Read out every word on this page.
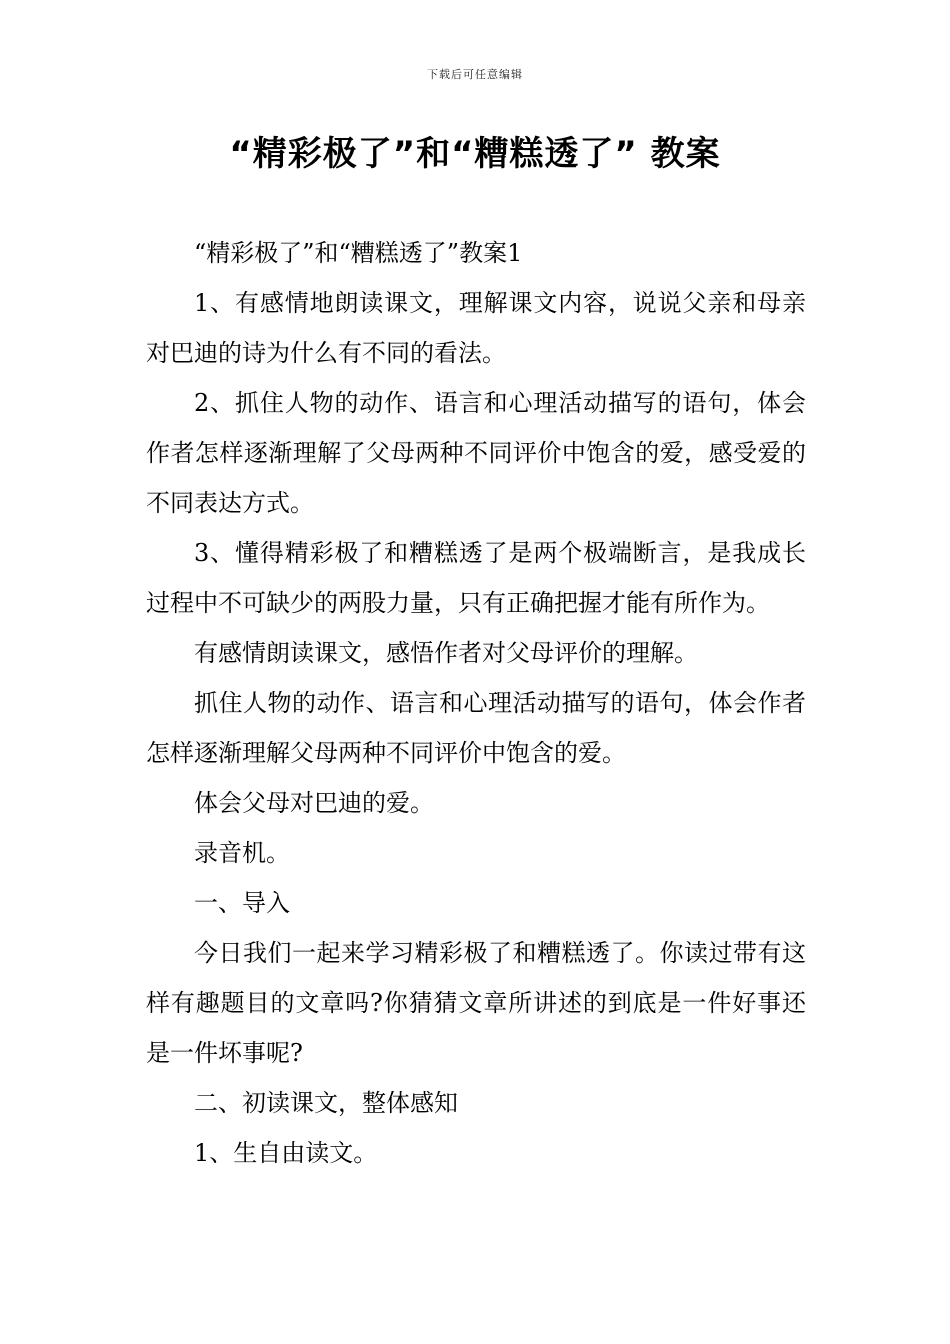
下载后可任意编辑
“精彩极了”和“糟糕透了” 教案

“精彩极了”和“糟糕透了”教案1

1、有感情地朗读课文，理解课文内容，说说父亲和母亲对巴迪的诗为什么有不同的看法。

2、抓住人物的动作、语言和心理活动描写的语句，体会作者怎样逐渐理解了父母两种不同评价中饱含的爱，感受爱的不同表达方式。

3、懂得精彩极了和糟糕透了是两个极端断言，是我成长过程中不可缺少的两股力量，只有正确把握才能有所作为。

有感情朗读课文，感悟作者对父母评价的理解。

抓住人物的动作、语言和心理活动描写的语句，体会作者怎样逐渐理解父母两种不同评价中饱含的爱。

体会父母对巴迪的爱。

录音机。

一、导入

今日我们一起来学习精彩极了和糟糕透了。你读过带有这样有趣题目的文章吗?你猜猜文章所讲述的到底是一件好事还是一件坏事呢?

二、初读课文，整体感知

1、生自由读文。
